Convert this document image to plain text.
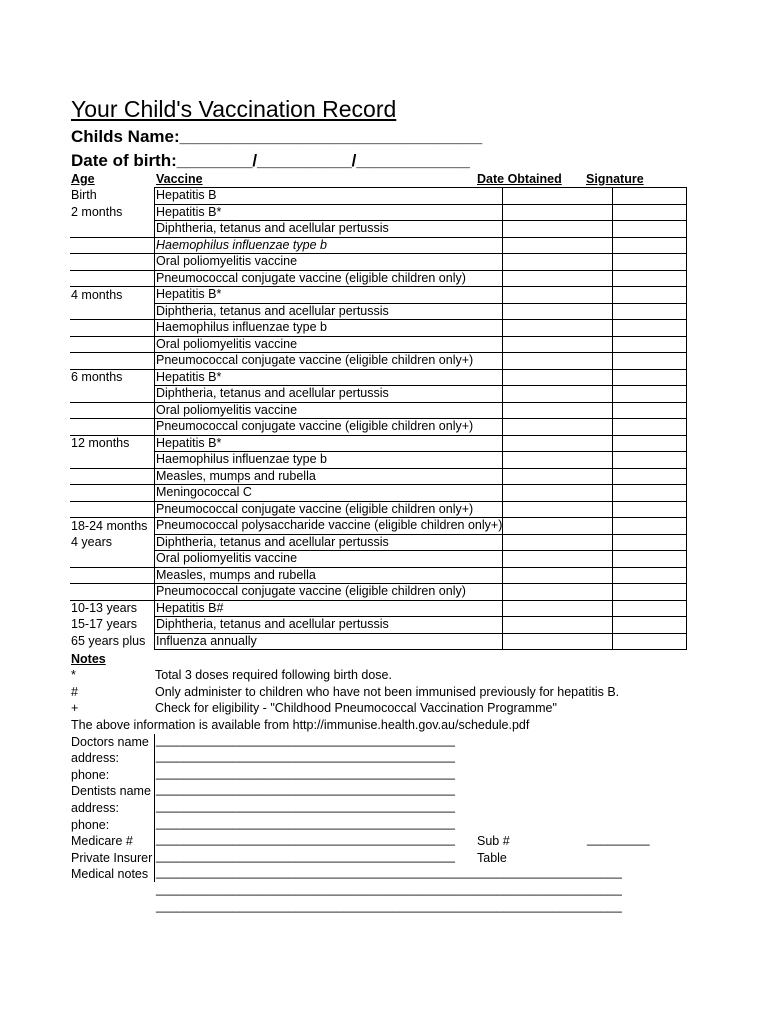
Your Child's Vaccination Record
Childs Name:________________________________
Date of birth:________/__________/____________
Age	Vaccine	Date Obtained Signature
Birth	Hepatitis B		
2 months	Hepatitis B*		
	Diphtheria, tetanus and acellular pertussis		
	Haemophilus influenzae type b		
	Oral poliomyelitis vaccine		
	Pneumococcal conjugate vaccine (eligible children only)		
4 months	Hepatitis B*		
	Diphtheria, tetanus and acellular pertussis		
	Haemophilus influenzae type b		
	Oral poliomyelitis vaccine		
	Pneumococcal conjugate vaccine (eligible children only+)		
6 months	Hepatitis B*		
	Diphtheria, tetanus and acellular pertussis		
	Oral poliomyelitis vaccine		
	Pneumococcal conjugate vaccine (eligible children only+)		
12 months	Hepatitis B*		
	Haemophilus influenzae type b		
	Measles, mumps and rubella		
	Meningococcal C		
	Pneumococcal conjugate vaccine (eligible children only+)		
18-24 months	Pneumococcal polysaccharide vaccine (eligible children only+)		
4 years	Diphtheria, tetanus and acellular pertussis		
	Oral poliomyelitis vaccine		
	Measles, mumps and rubella		
	Pneumococcal conjugate vaccine (eligible children only)		
10-13 years	Hepatitis B#		
15-17 years	Diphtheria, tetanus and acellular pertussis		
65 years plus	Influenza annually		
Notes
*	Total 3 doses required following birth dose.
#	Only administer to children who have not been immunised previously for hepatitis B.
+	Check for eligibility - "Childhood Pneumococcal Vaccination Programme"
The above information is available from http://immunise.health.gov.au/schedule.pdf
Doctors name ___________________________________________
address:	___________________________________________
phone:	___________________________________________
Dentists name ___________________________________________
address:	___________________________________________
phone:	___________________________________________
Medicare # ___________________________________________ Sub #	_________
Private Insurer ___________________________________________ Table
Medical notes ___________________________________________________________________
___________________________________________________________________
___________________________________________________________________
